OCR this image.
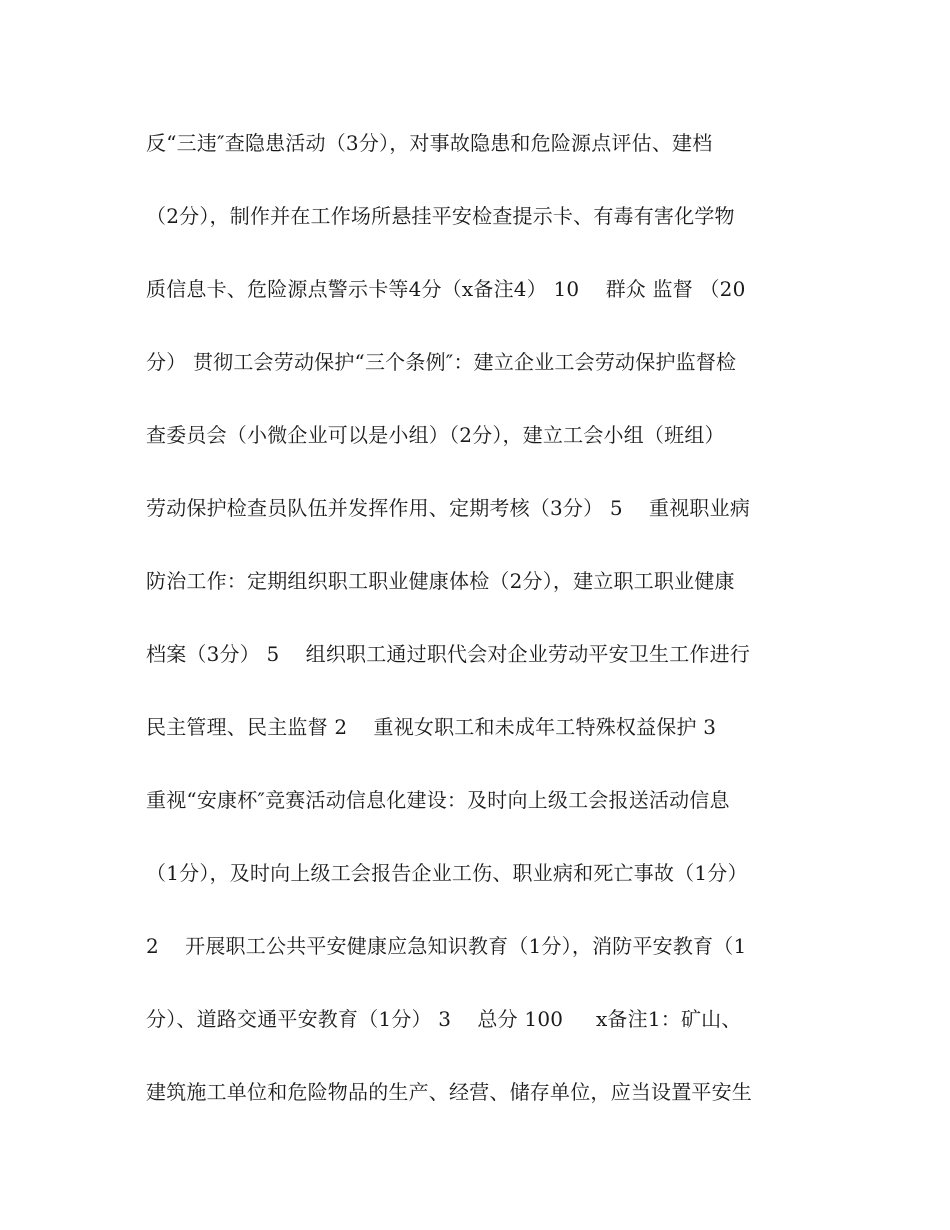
反“三违″查隐患活动（3分），对事故隐患和危险源点评估、建档
（2分），制作并在工作场所悬挂平安检查提示卡、有毒有害化学物
质信息卡、危险源点警示卡等4分（x备注4） 10    群众 监督 （20
分） 贯彻工会劳动保护“三个条例″：建立企业工会劳动保护监督检
查委员会（小微企业可以是小组）（2分），建立工会小组（班组）
劳动保护检查员队伍并发挥作用、定期考核（3分） 5    重视职业病
防治工作：定期组织职工职业健康体检（2分），建立职工职业健康
档案（3分） 5    组织职工通过职代会对企业劳动平安卫生工作进行
民主管理、民主监督 2    重视女职工和未成年工特殊权益保护 3
重视“安康杯″竞赛活动信息化建设：及时向上级工会报送活动信息
（1分），及时向上级工会报告企业工伤、职业病和死亡事故（1分）
2    开展职工公共平安健康应急知识教育（1分），消防平安教育（1
分）、道路交通平安教育（1分） 3    总分 100     x备注1：矿山、
建筑施工单位和危险物品的生产、经营、储存单位，应当设置平安生
